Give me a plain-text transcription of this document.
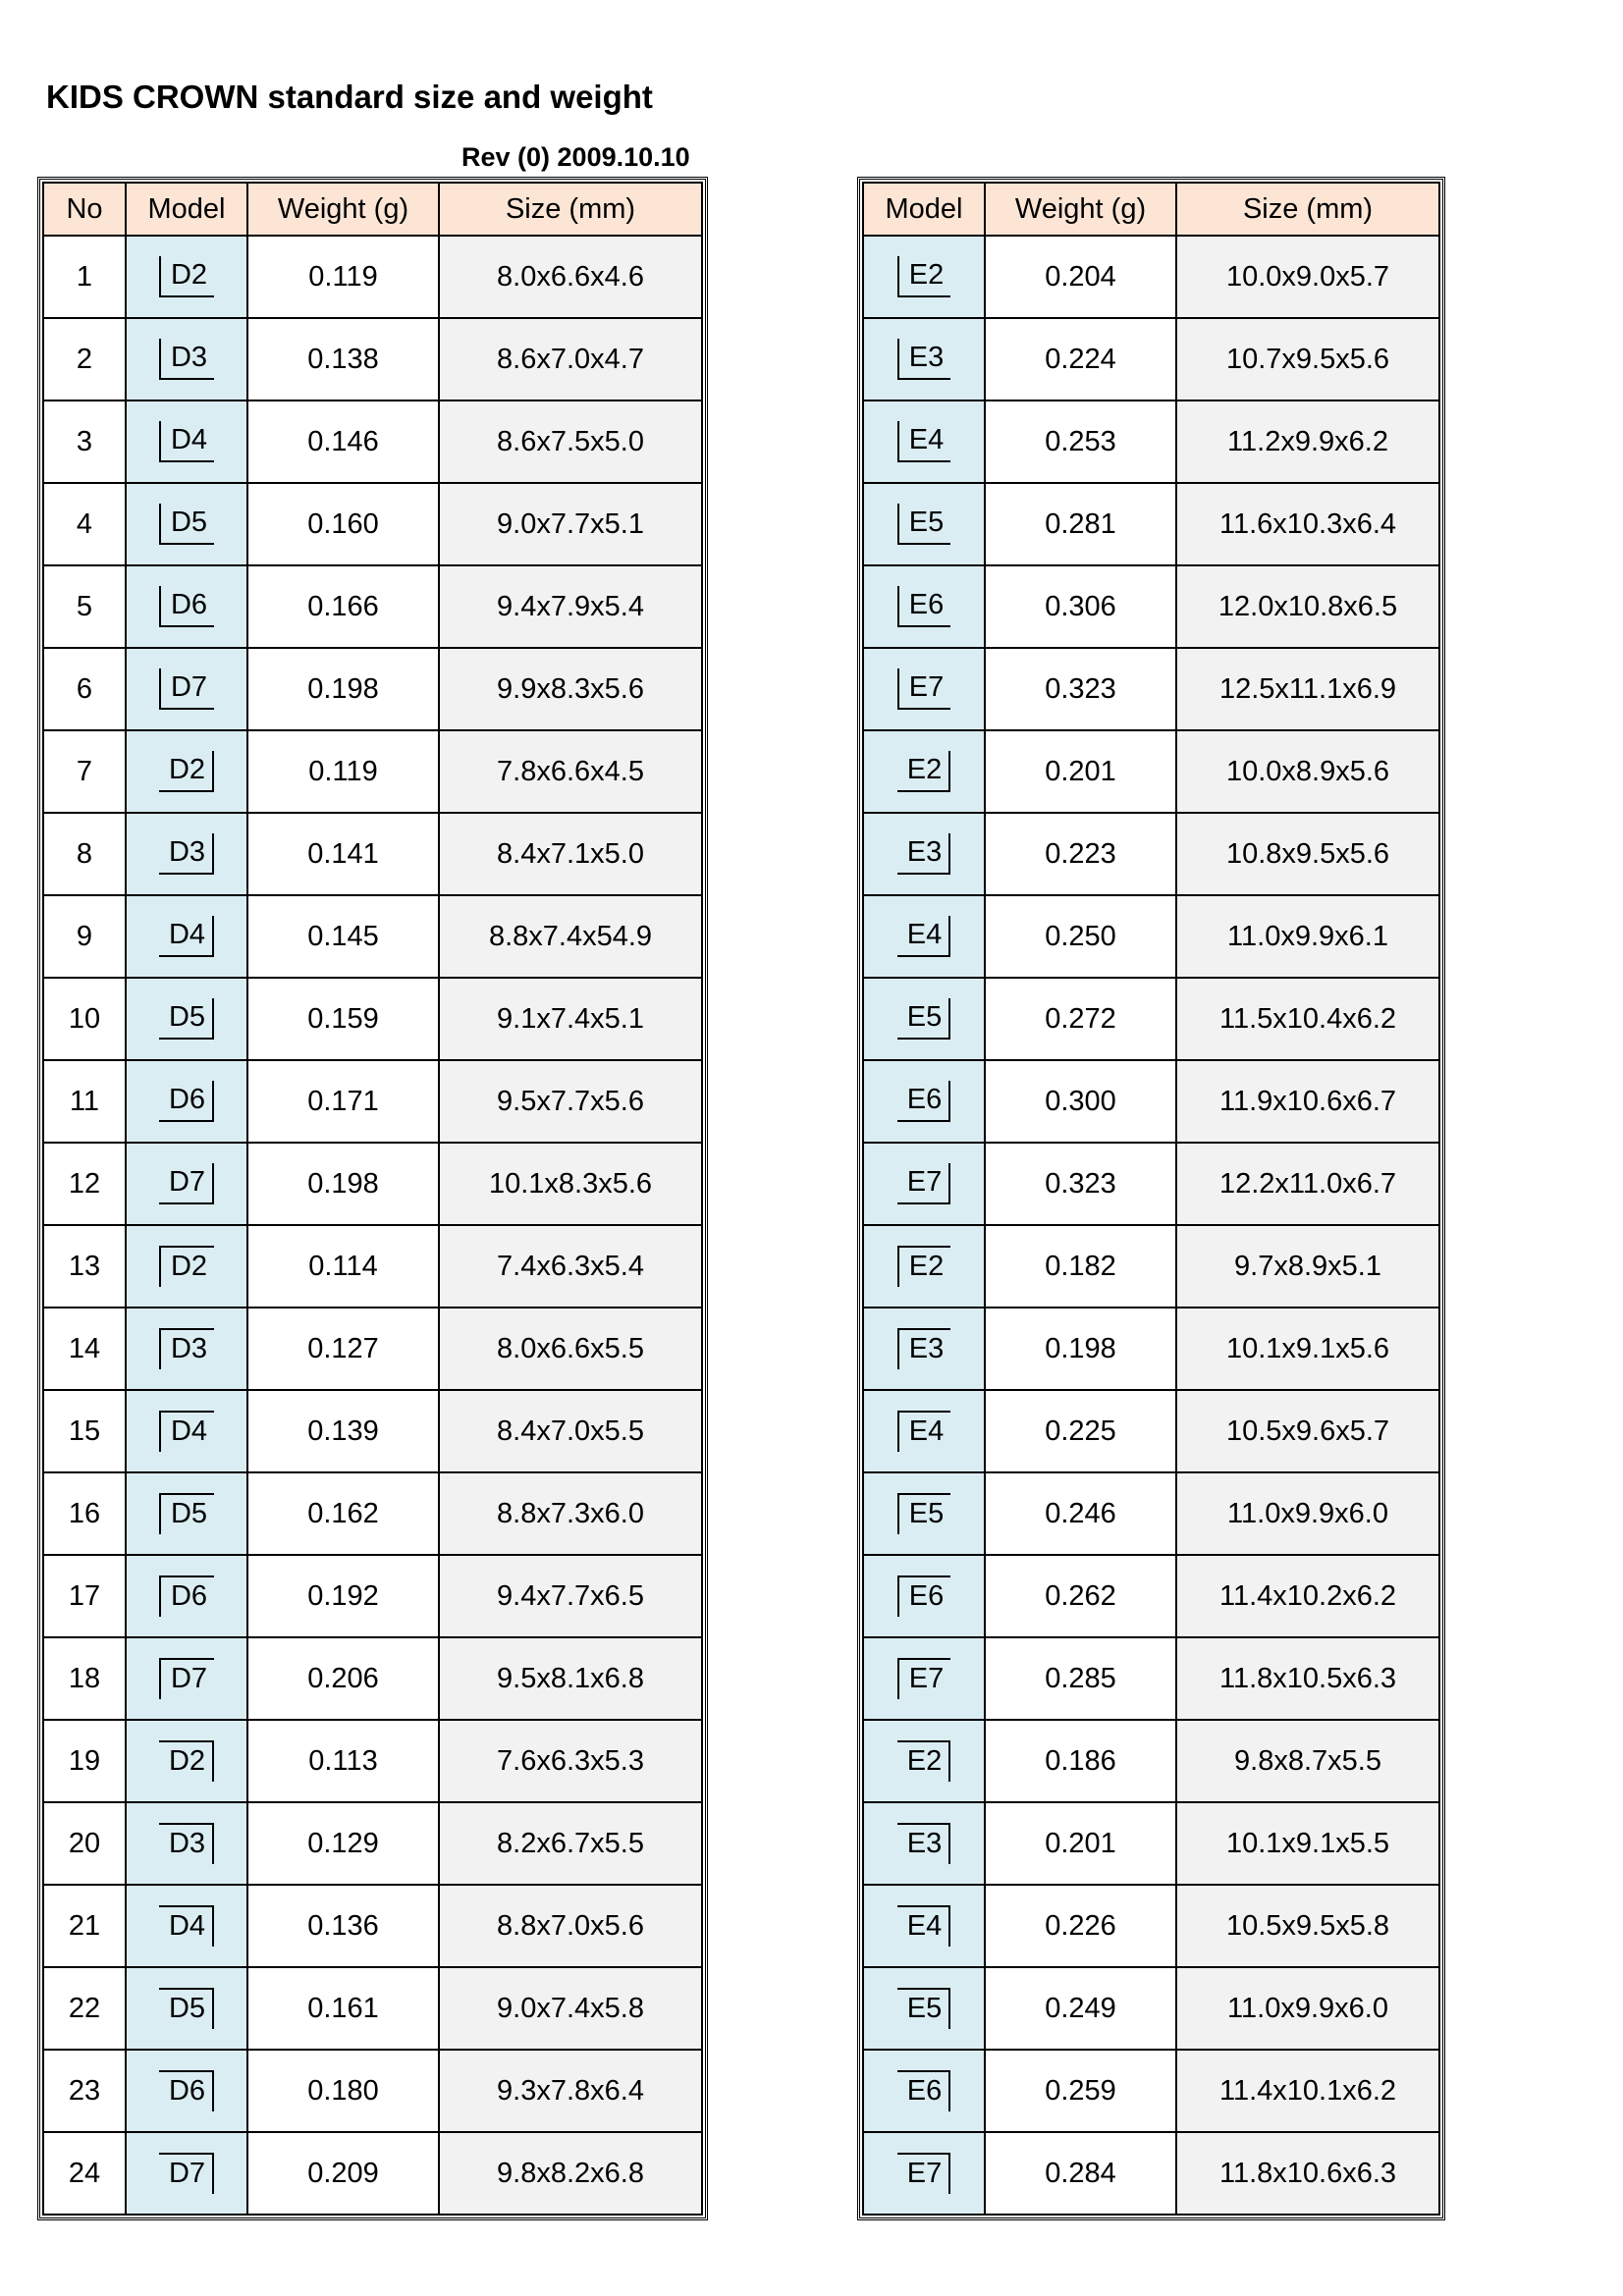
KIDS CROWN standard size and weight
Rev (0) 2009.10.10
No	Model	Weight (g)	Size (mm)
1	D2	0.119	8.0x6.6x4.6
2	D3	0.138	8.6x7.0x4.7
3	D4	0.146	8.6x7.5x5.0
4	D5	0.160	9.0x7.7x5.1
5	D6	0.166	9.4x7.9x5.4
6	D7	0.198	9.9x8.3x5.6
7	D2	0.119	7.8x6.6x4.5
8	D3	0.141	8.4x7.1x5.0
9	D4	0.145	8.8x7.4x54.9
10	D5	0.159	9.1x7.4x5.1
11	D6	0.171	9.5x7.7x5.6
12	D7	0.198	10.1x8.3x5.6
13	D2	0.114	7.4x6.3x5.4
14	D3	0.127	8.0x6.6x5.5
15	D4	0.139	8.4x7.0x5.5
16	D5	0.162	8.8x7.3x6.0
17	D6	0.192	9.4x7.7x6.5
18	D7	0.206	9.5x8.1x6.8
19	D2	0.113	7.6x6.3x5.3
20	D3	0.129	8.2x6.7x5.5
21	D4	0.136	8.8x7.0x5.6
22	D5	0.161	9.0x7.4x5.8
23	D6	0.180	9.3x7.8x6.4
24	D7	0.209	9.8x8.2x6.8
Model	Weight (g)	Size (mm)
E2	0.204	10.0x9.0x5.7
E3	0.224	10.7x9.5x5.6
E4	0.253	11.2x9.9x6.2
E5	0.281	11.6x10.3x6.4
E6	0.306	12.0x10.8x6.5
E7	0.323	12.5x11.1x6.9
E2	0.201	10.0x8.9x5.6
E3	0.223	10.8x9.5x5.6
E4	0.250	11.0x9.9x6.1
E5	0.272	11.5x10.4x6.2
E6	0.300	11.9x10.6x6.7
E7	0.323	12.2x11.0x6.7
E2	0.182	9.7x8.9x5.1
E3	0.198	10.1x9.1x5.6
E4	0.225	10.5x9.6x5.7
E5	0.246	11.0x9.9x6.0
E6	0.262	11.4x10.2x6.2
E7	0.285	11.8x10.5x6.3
E2	0.186	9.8x8.7x5.5
E3	0.201	10.1x9.1x5.5
E4	0.226	10.5x9.5x5.8
E5	0.249	11.0x9.9x6.0
E6	0.259	11.4x10.1x6.2
E7	0.284	11.8x10.6x6.3
